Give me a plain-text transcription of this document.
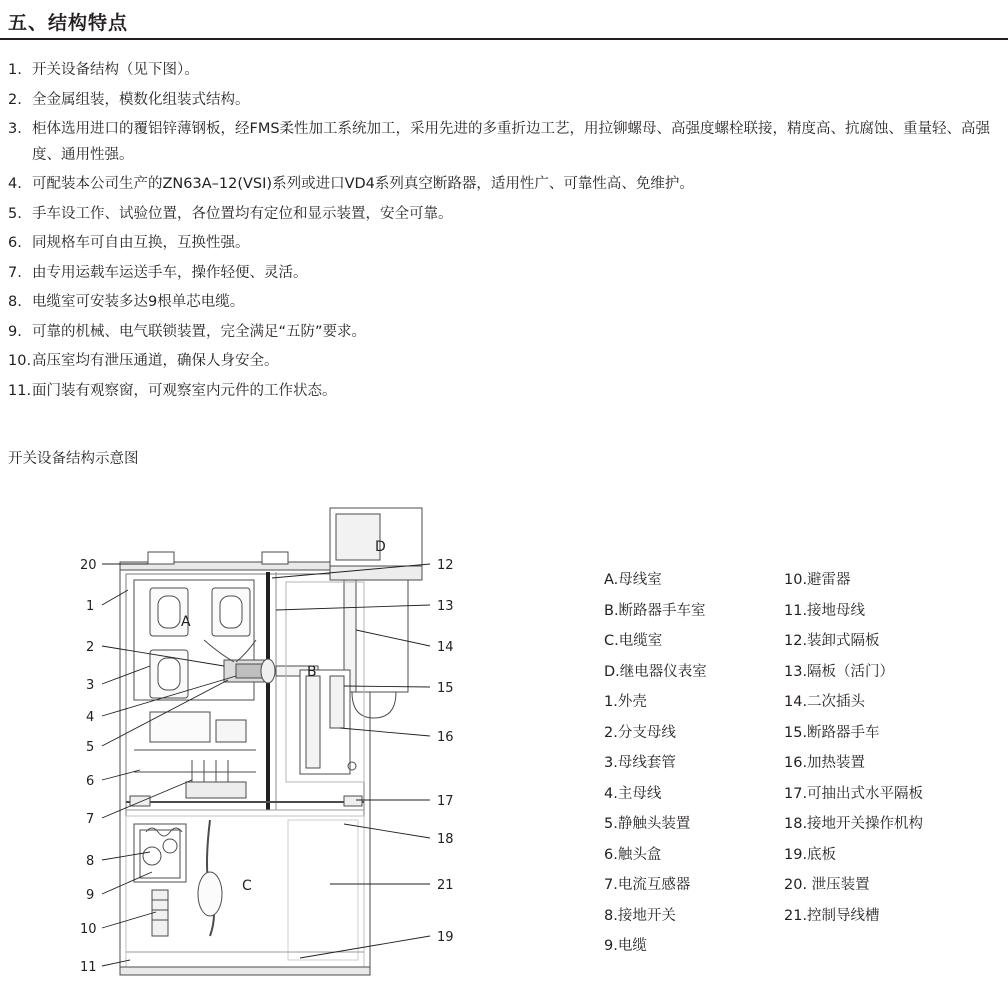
五、结构特点
1. 开关设备结构（见下图）。
2. 全金属组装，模数化组装式结构。
3. 柜体选用进口的覆铝锌薄钢板，经FMS柔性加工系统加工，采用先进的多重折边工艺，用拉铆螺母、高强度螺栓联接，精度高、抗腐蚀、重量轻、高强度、通用性强。
4. 可配装本公司生产的ZN63A–12(VSI)系列或进口VD4系列真空断路器，适用性广、可靠性高、免维护。
5. 手车设工作、试验位置，各位置均有定位和显示装置，安全可靠。
6. 同规格车可自由互换，互换性强。
7. 由专用运载车运送手车，操作轻便、灵活。
8. 电缆室可安装多达9根单芯电缆。
9. 可靠的机械、电气联锁装置，完全满足“五防”要求。
10. 高压室均有泄压通道，确保人身安全。
11. 面门装有观察窗，可观察室内元件的工作状态。
开关设备结构示意图
20
1
2
3
4
5
6
7
8
9
10
11
12
13
14
15
16
17
18
21
19
A
B
C
D
A.母线室
B.断路器手车室
C.电缆室
D.继电器仪表室
1.外壳
2.分支母线
3.母线套管
4.主母线
5.静触头装置
6.触头盒
7.电流互感器
8.接地开关
9.电缆
10.避雷器
11.接地母线
12.装卸式隔板
13.隔板（活门）
14.二次插头
15.断路器手车
16.加热装置
17.可抽出式水平隔板
18.接地开关操作机构
19.底板
20. 泄压装置
21.控制导线槽
